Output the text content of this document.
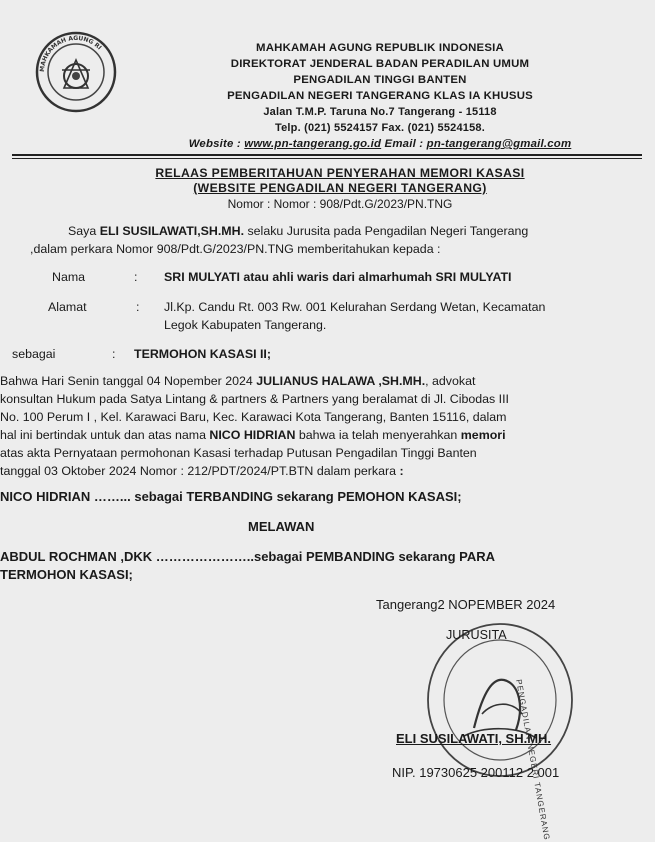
MAHKAMAH AGUNG RI	MAHKAMAH AGUNG REPUBLIK INDONESIA
DIREKTORAT JENDERAL BADAN PERADILAN UMUM
PENGADILAN TINGGI BANTEN
PENGADILAN NEGERI TANGERANG KLAS IA KHUSUS
Jalan T.M.P. Taruna No.7 Tangerang - 15118
Telp. (021) 5524157 Fax. (021) 5524158.
Website : www.pn-tangerang.go.id Email : pn-tangerang@gmail.com
RELAAS PEMBERITAHUAN PENYERAHAN MEMORI KASASI
(WEBSITE PENGADILAN NEGERI TANGERANG)
Nomor : Nomor : 908/Pdt.G/2023/PN.TNG
Saya ELI SUSILAWATI,SH.MH. selaku Jurusita pada Pengadilan Negeri Tangerang
,dalam perkara Nomor 908/Pdt.G/2023/PN.TNG memberitahukan kepada :
Nama	: SRI MULYATI atau ahli waris dari almarhumah SRI MULYATI
Alamat	: Jl.Kp. Candu Rt. 003 Rw. 001 Kelurahan Serdang Wetan, Kecamatan
Legok Kabupaten Tangerang.
sebagai	: TERMOHON KASASI II;
Bahwa Hari Senin tanggal 04 Nopember 2024 JULIANUS HALAWA ,SH.MH., advokat
konsultan Hukum pada Satya Lintang & partners & Partners yang beralamat di Jl. Cibodas III
No. 100 Perum I , Kel. Karawaci Baru, Kec. Karawaci Kota Tangerang, Banten 15116, dalam
hal ini bertindak untuk dan atas nama NICO HIDRIAN bahwa ia telah menyerahkan memori
atas akta Pernyataan permohonan Kasasi terhadap Putusan Pengadilan Tinggi Banten
tanggal 03 Oktober 2024 Nomor : 212/PDT/2024/PT.BTN dalam perkara :
NICO HIDRIAN ……... sebagai TERBANDING sekarang PEMOHON KASASI;
MELAWAN
ABDUL ROCHMAN ,DKK …………………..sebagai PEMBANDING sekarang PARA
TERMOHON KASASI;
Tangerang2 NOPEMBER 2024
JURUSITA
PENGADILAN NEGERI TANGERANG
ELI SUSILAWATI, SH.MH.
NIP. 19730625 200112 2 001
